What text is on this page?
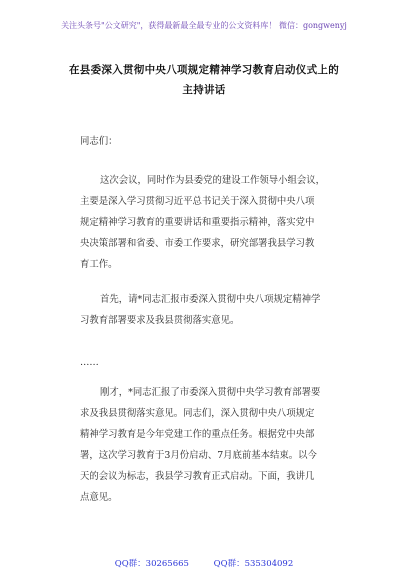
关注头条号"公文研究"，获得最新最全最专业的公文资料库！ 微信：gongwenyj
在县委深入贯彻中央八项规定精神学习教育启动仪式上的
主持讲话
同志们：
这次会议，同时作为县委党的建设工作领导小组会议，
主要是深入学习贯彻习近平总书记关于深入贯彻中央八项
规定精神学习教育的重要讲话和重要指示精神，落实党中
央决策部署和省委、市委工作要求，研究部署我县学习教
育工作。
首先，请*同志汇报市委深入贯彻中央八项规定精神学
习教育部署要求及我县贯彻落实意见。
……
刚才，*同志汇报了市委深入贯彻中央学习教育部署要
求及我县贯彻落实意见。同志们，深入贯彻中央八项规定
精神学习教育是今年党建工作的重点任务。根据党中央部
署，这次学习教育于3月份启动、7月底前基本结束。以今
天的会议为标志，我县学习教育正式启动。下面，我讲几
点意见。
QQ群：30265665	QQ群：535304092
